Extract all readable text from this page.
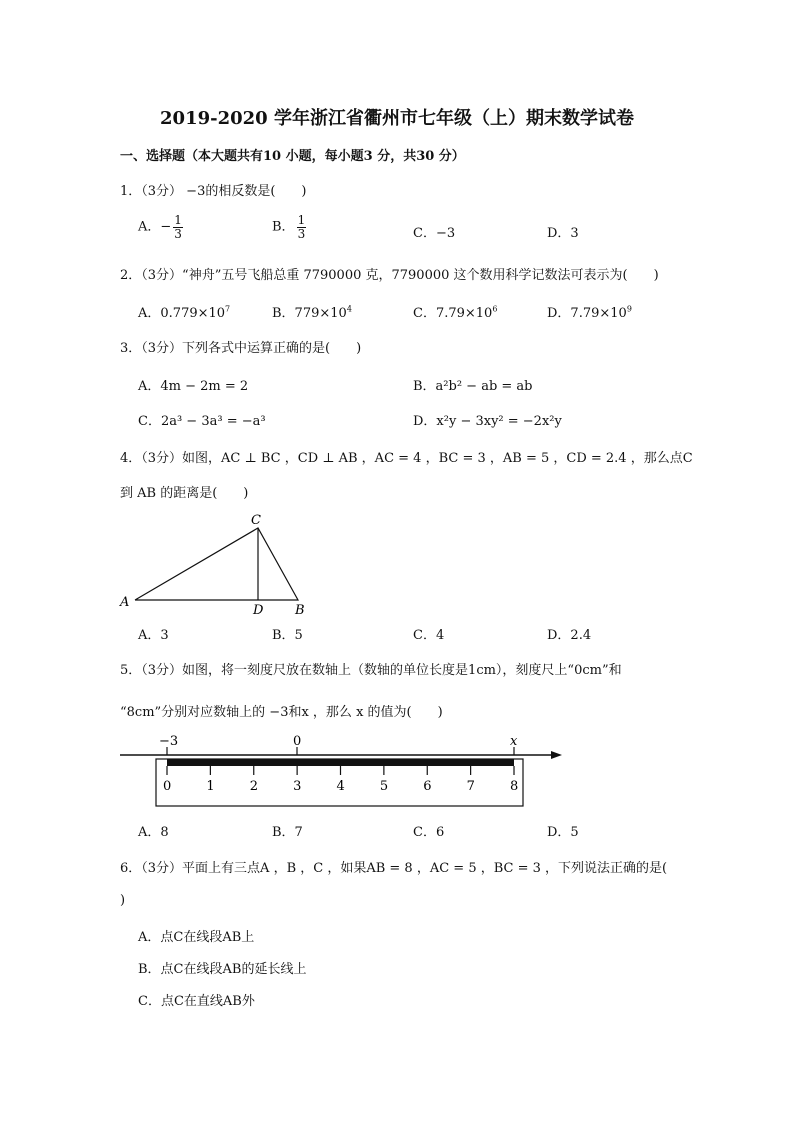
2019-2020 学年浙江省衢州市七年级（上）期末数学试卷
一、选择题（本大题共有10 小题，每小题3 分，共30 分）
1．（3分） −3的相反数是(　　)
A．− $\frac{1}{3}$	B． $\frac{1}{3}$	C．−3	D．3
2．（3分）“神舟”五号飞船总重 7790000 克，7790000 这个数用科学记数法可表示为(　　)
A．$0.779\times 10^7$	B．$779\times 10^4$	C．$7.79\times 10^6$	D．$7.79\times 10^9$
3．（3分）下列各式中运算正确的是(　　)
A．4m − 2m = 2	B．a²b² − ab = ab
C．2a³ − 3a³ = −a³	D．x²y − 3xy² = −2x²y
4．（3分）如图，AC ⊥ BC ，CD ⊥ AB ，AC = 4 ，BC = 3 ，AB = 5 ，CD = 2.4 ，那么点C
到 AB 的距离是(　　)
C
A
D B
A．3	B．5	C．4	D．2.4
5．（3分）如图，将一刻度尺放在数轴上（数轴的单位长度是1cm），刻度尺上“0cm”和
“8cm”分别对应数轴上的 −3和x ，那么 x 的值为(　　)
−3	0	x
0	1	2	3	4	5	6	7	8
A．8	B．7	C．6	D．5
6．（3分）平面上有三点A ，B ，C ，如果AB = 8 ，AC = 5 ，BC = 3 ，下列说法正确的是(
)
A．点C在线段AB上
B．点C在线段AB的延长线上
C．点C在直线AB外
